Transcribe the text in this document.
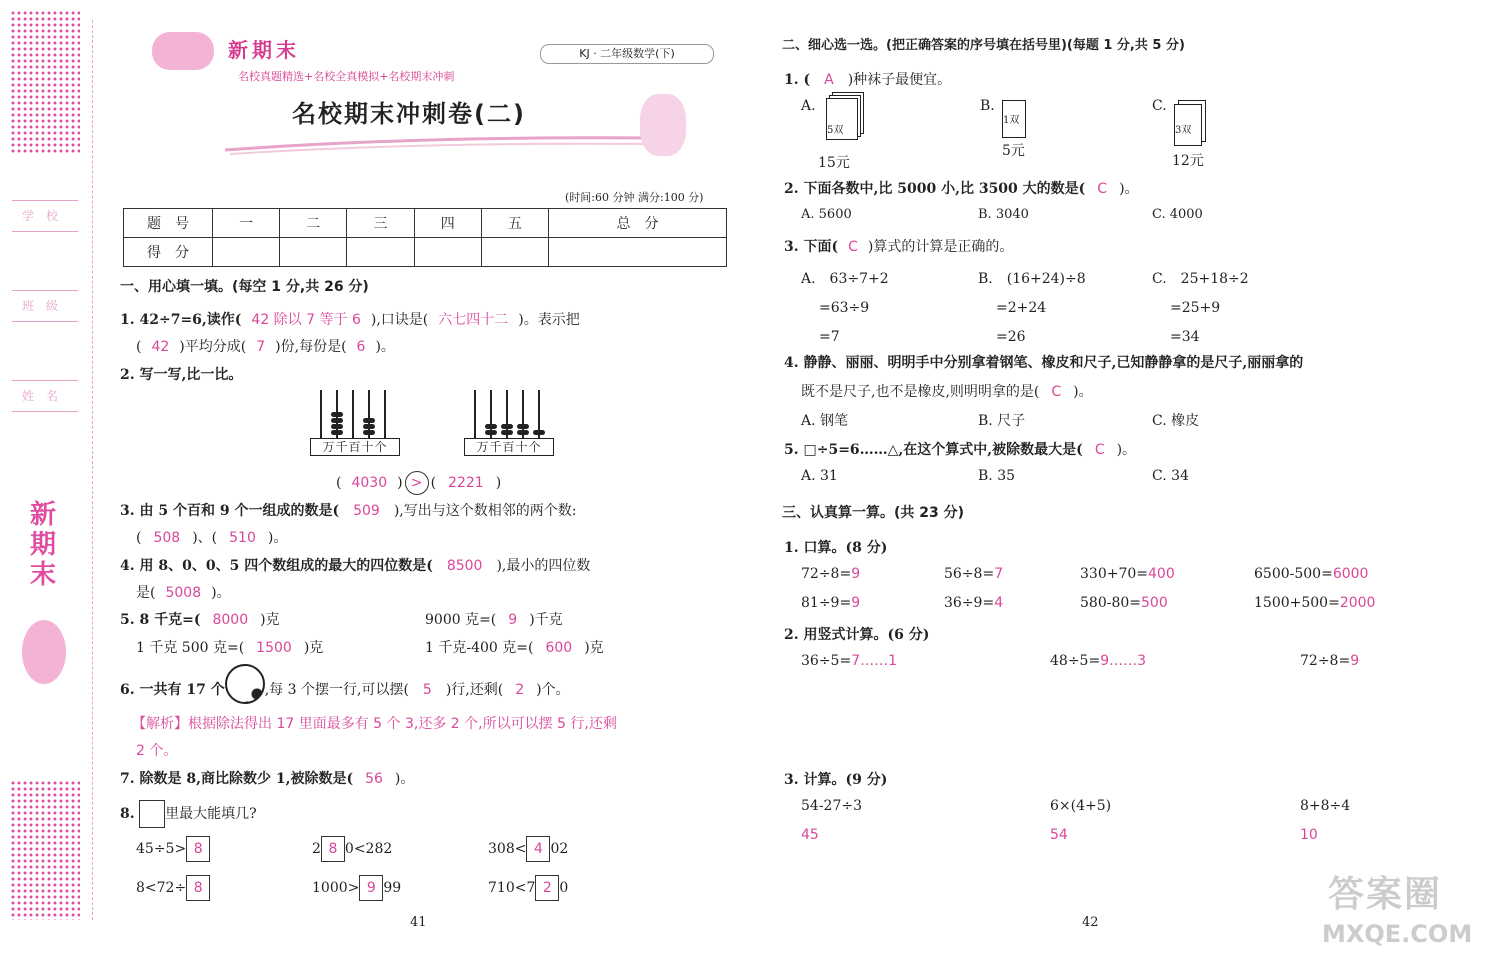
学　校
班　级
姓　名
新期末
新期末
名校真题精选+名校全真模拟+名校期末冲刺
KJ · 二年级数学(下)
名校期末冲刺卷(二)
(时间:60 分钟 满分:100 分)
题　号	一	二	三	四	五	总　分
得　分						
一、用心填一填。(每空 1 分,共 26 分)
1. 42÷7=6,读作( 42 除以 7 等于 6 ),口诀是( 六七四十二 )。表示把
( 42 )平均分成( 7 )份,每份是( 6 )。
2. 写一写,比一比。
万千百十个	万千百十个
( 4030 ) > ( 2221 )
3. 由 5 个百和 9 个一组成的数是( 509 ),写出与这个数相邻的两个数:
( 508 )、( 510 )。
4. 用 8、0、0、5 四个数组成的最大的四位数是( 8500 ),最小的四位数
是( 5008 )。
5. 8 千克=( 8000 )克	9000 克=( 9 )千克
1 千克 500 克=( 1500 )克	1 千克-400 克=( 600 )克
6. 一共有 17 个	,每 3 个摆一行,可以摆( 5 )行,还剩( 2 )个。
【解析】根据除法得出 17 里面最多有 5 个 3,还多 2 个,所以可以摆 5 行,还剩
2 个。
7. 除数是 8,商比除数少 1,被除数是( 56 )。
8. 里最大能填几?
45÷5> 8	2 8 0<282	308< 4 02
8<72÷ 8	1000> 9 99	710<7 2 0
41
二、细心选一选。(把正确答案的序号填在括号里)(每题 1 分,共 5 分)
1. ( A )种袜子最便宜。
A.
5双
15元
B.
1双
5元
C.
3双
12元
2. 下面各数中,比 5000 小,比 3500 大的数是( C )。
A. 5600	B. 3040	C. 4000
3. 下面( C )算式的计算是正确的。
A.　63÷7+2
=63÷9
=7
B.　(16+24)÷8
=2+24
=26
C.　25+18÷2
=25+9
=34
4. 静静、丽丽、明明手中分别拿着钢笔、橡皮和尺子,已知静静拿的是尺子,丽丽拿的
既不是尺子,也不是橡皮,则明明拿的是( C )。
A. 钢笔	B. 尺子	C. 橡皮
5. □÷5=6……△,在这个算式中,被除数最大是( C )。
A. 31	B. 35	C. 34
三、认真算一算。(共 23 分)
1. 口算。(8 分)
72÷8=9	56÷8=7	330+70=400	6500-500=6000
81÷9=9	36÷9=4	580-80=500	1500+500=2000
2. 用竖式计算。(6 分)
36÷5=7……1	48÷5=9……3	72÷8=9
3. 计算。(9 分)
54-27÷3	6×(4+5)	8+8÷4
45	54	10
42
答案圈
MXQE.COM
